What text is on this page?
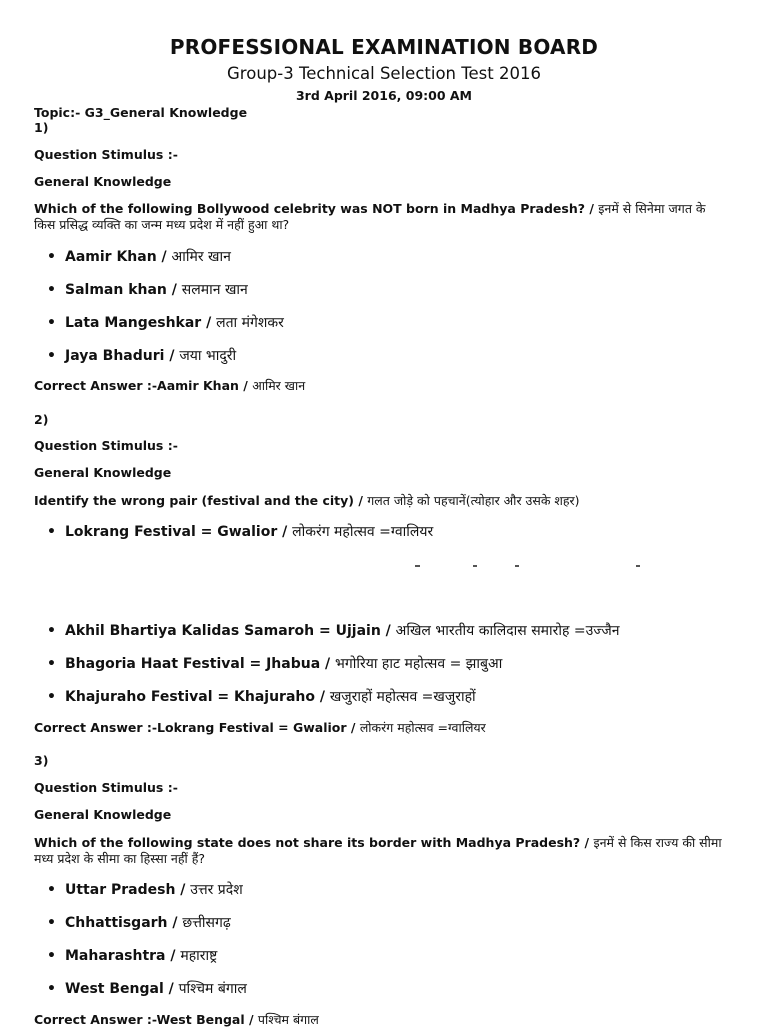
PROFESSIONAL EXAMINATION BOARD
Group-3 Technical Selection Test 2016
3rd April 2016, 09:00 AM
Topic:- G3_General Knowledge
1)
Question Stimulus :-
General Knowledge
Which of the following Bollywood celebrity was NOT born in Madhya Pradesh? / इनमें से सिनेमा जगत के किस प्रसिद्ध व्यक्ति का जन्म मध्य प्रदेश में नहीं हुआ था?
• Aamir Khan / आमिर खान
• Salman khan / सलमान खान
• Lata Mangeshkar / लता मंगेशकर
• Jaya Bhaduri / जया भादुरी
Correct Answer :-Aamir Khan / आमिर खान
2)
Question Stimulus :-
General Knowledge
Identify the wrong pair (festival and the city) / गलत जोड़े को पहचानें(त्योहार और उसके शहर)
• Lokrang Festival = Gwalior / लोकरंग महोत्सव =ग्वालियर
• Akhil Bhartiya Kalidas Samaroh = Ujjain / अखिल भारतीय कालिदास समारोह =उज्जैन
• Bhagoria Haat Festival = Jhabua / भगोरिया हाट महोत्सव = झाबुआ
• Khajuraho Festival = Khajuraho / खजुराहों महोत्सव =खजुराहों
Correct Answer :-Lokrang Festival = Gwalior / लोकरंग महोत्सव =ग्वालियर
3)
Question Stimulus :-
General Knowledge
Which of the following state does not share its border with Madhya Pradesh? / इनमें से किस राज्य की सीमा मध्य प्रदेश के सीमा का हिस्सा नहीं हैं?
• Uttar Pradesh / उत्तर प्रदेश
• Chhattisgarh / छत्तीसगढ़
• Maharashtra / महाराष्ट्र
• West Bengal / पश्चिम बंगाल
Correct Answer :-West Bengal / पश्चिम बंगाल
